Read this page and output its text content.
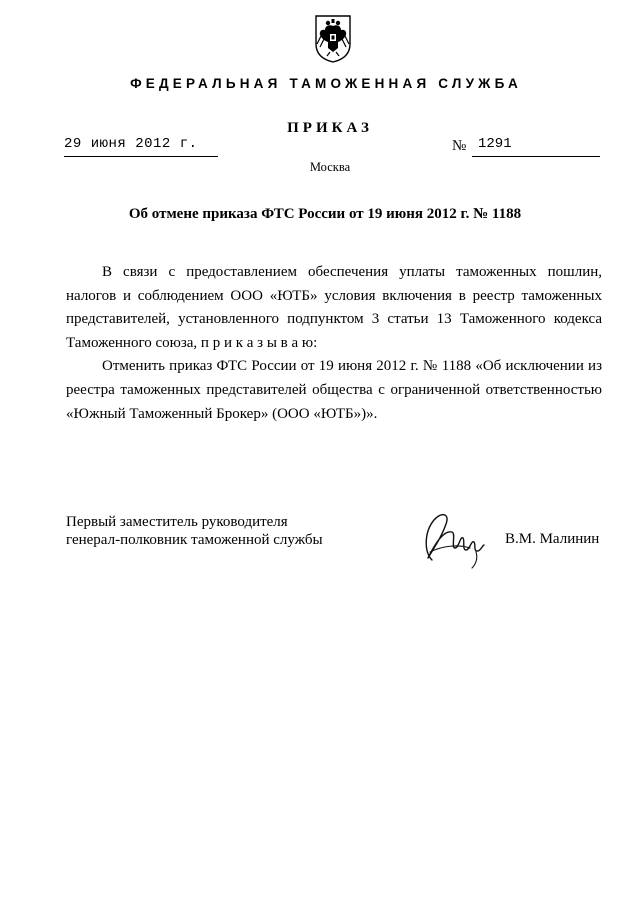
ФЕДЕРАЛЬНАЯ ТАМОЖЕННАЯ СЛУЖБА
ПРИКАЗ
29 июня 2012 г.	№ 1291
Москва
Об отмене приказа ФТС России от 19 июня 2012 г. № 1188

В связи с предоставлением обеспечения уплаты таможенных пошлин, налогов и соблюдением ООО «ЮТБ» условия включения в реестр таможенных представителей, установленного подпунктом 3 статьи 13 Таможенного кодекса Таможенного союза, п р и к а з ы в а ю:

Отменить приказ ФТС России от 19 июня 2012 г. № 1188 «Об исключении из реестра таможенных представителей общества с ограниченной ответственностью «Южный Таможенный Брокер» (ООО «ЮТБ»)».

Первый заместитель руководителя
генерал-полковник таможенной службы	В.М. Малинин
